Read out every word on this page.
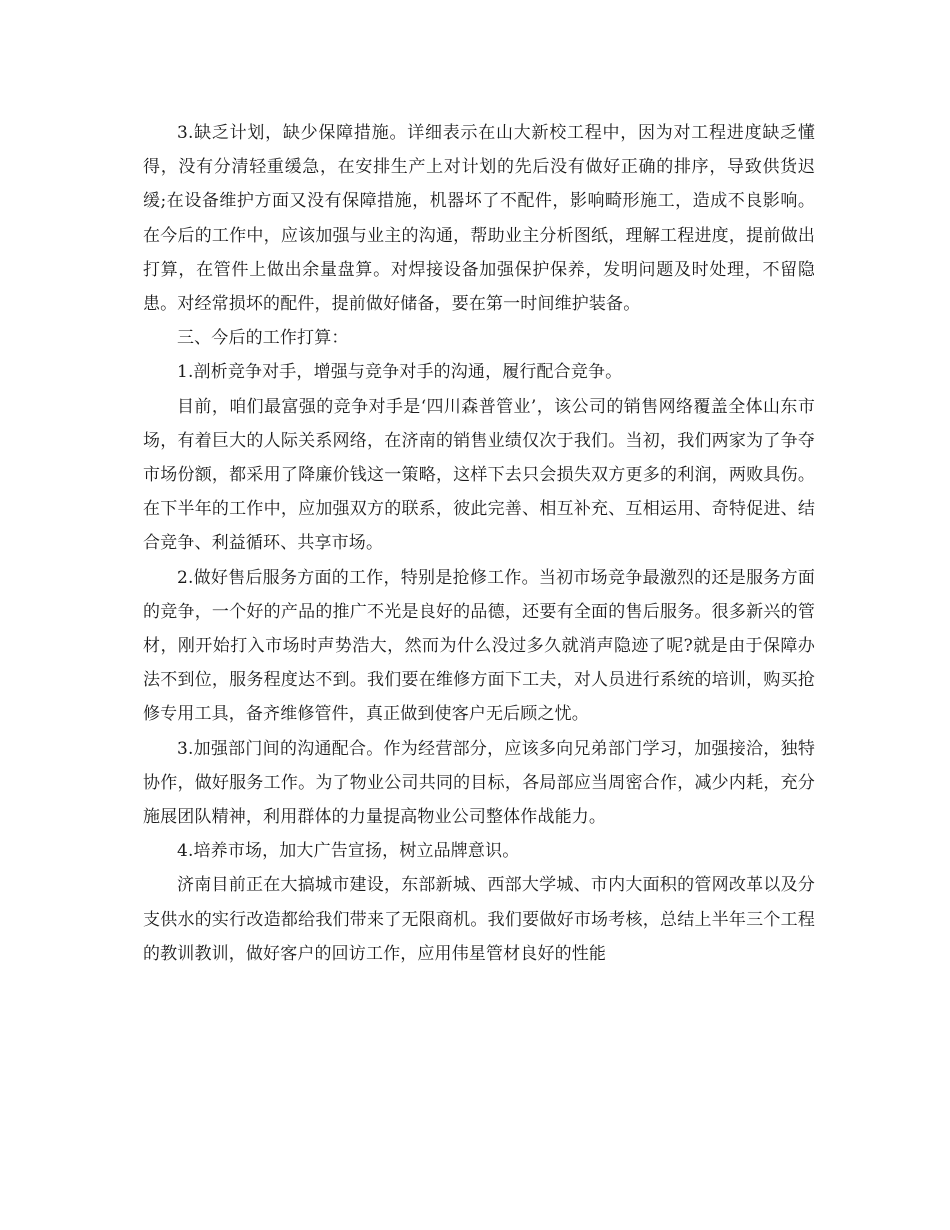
3.缺乏计划，缺少保障措施。详细表示在山大新校工程中，因为对工程进度缺乏懂得，没有分清轻重缓急，在安排生产上对计划的先后没有做好正确的排序，导致供货迟缓;在设备维护方面又没有保障措施，机器坏了不配件，影响畸形施工，造成不良影响。在今后的工作中，应该加强与业主的沟通，帮助业主分析图纸，理解工程进度，提前做出打算，在管件上做出余量盘算。对焊接设备加强保护保养，发明问题及时处理，不留隐患。对经常损坏的配件，提前做好储备，要在第一时间维护装备。

三、今后的工作打算：

1.剖析竞争对手，增强与竞争对手的沟通，履行配合竞争。

目前，咱们最富强的竞争对手是‘四川森普管业’，该公司的销售网络覆盖全体山东市场，有着巨大的人际关系网络，在济南的销售业绩仅次于我们。当初，我们两家为了争夺市场份额，都采用了降廉价钱这一策略，这样下去只会损失双方更多的利润，两败具伤。在下半年的工作中，应加强双方的联系，彼此完善、相互补充、互相运用、奇特促进、结合竞争、利益循环、共享市场。

2.做好售后服务方面的工作，特别是抢修工作。当初市场竞争最激烈的还是服务方面的竞争，一个好的产品的推广不光是良好的品德，还要有全面的售后服务。很多新兴的管材，刚开始打入市场时声势浩大，然而为什么没过多久就消声隐迹了呢?就是由于保障办法不到位，服务程度达不到。我们要在维修方面下工夫，对人员进行系统的培训，购买抢修专用工具，备齐维修管件，真正做到使客户无后顾之忧。

3.加强部门间的沟通配合。作为经营部分，应该多向兄弟部门学习，加强接洽，独特协作，做好服务工作。为了物业公司共同的目标，各局部应当周密合作，减少内耗，充分施展团队精神，利用群体的力量提高物业公司整体作战能力。

4.培养市场，加大广告宣扬，树立品牌意识。

济南目前正在大搞城市建设，东部新城、西部大学城、市内大面积的管网改革以及分支供水的实行改造都给我们带来了无限商机。我们要做好市场考核，总结上半年三个工程的教训教训，做好客户的回访工作，应用伟星管材良好的性能
